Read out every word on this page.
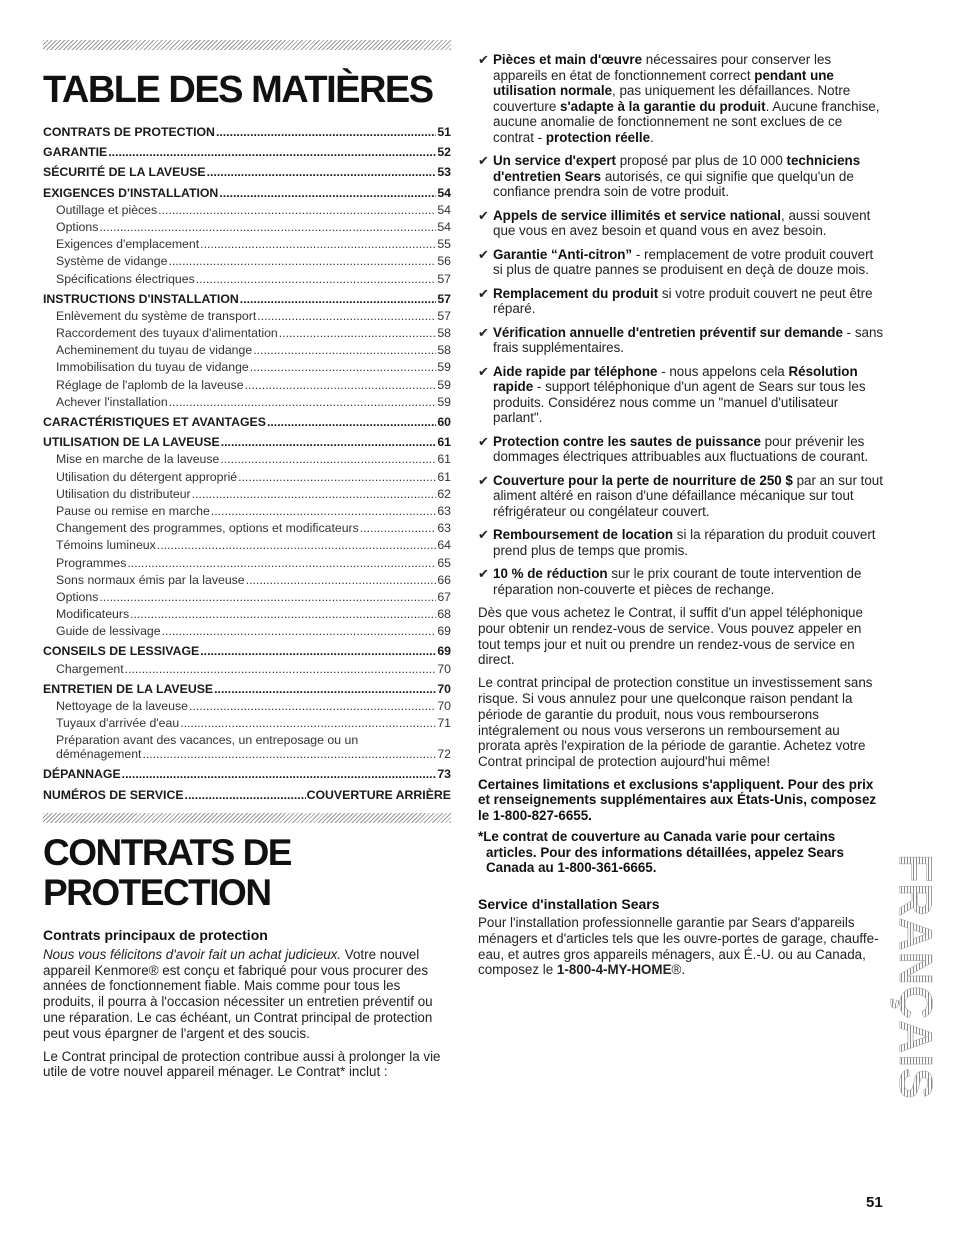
TABLE DES MATIÈRES
CONTRATS DE PROTECTION .....	51
GARANTIE .....	52
SÉCURITÉ DE LA LAVEUSE .....	53
EXIGENCES D'INSTALLATION .....	54
Outillage et pièces .....	54
Options .....	54
Exigences d'emplacement .....	55
Système de vidange .....	56
Spécifications électriques .....	57
INSTRUCTIONS D'INSTALLATION .....	57
Enlèvement du système de transport .....	57
Raccordement des tuyaux d'alimentation .....	58
Acheminement du tuyau de vidange .....	58
Immobilisation du tuyau de vidange .....	59
Réglage de l'aplomb de la laveuse .....	59
Achever l'installation .....	59
CARACTÉRISTIQUES ET AVANTAGES .....	60
UTILISATION DE LA LAVEUSE .....	61
Mise en marche de la laveuse .....	61
Utilisation du détergent approprié .....	61
Utilisation du distributeur .....	62
Pause ou remise en marche .....	63
Changement des programmes, options et modificateurs .....	63
Témoins lumineux .....	64
Programmes .....	65
Sons normaux émis par la laveuse .....	66
Options .....	67
Modificateurs .....	68
Guide de lessivage .....	69
CONSEILS DE LESSIVAGE .....	69
Chargement .....	70
ENTRETIEN DE LA LAVEUSE .....	70
Nettoyage de la laveuse .....	70
Tuyaux d'arrivée d'eau .....	71
Préparation avant des vacances, un entreposage ou un
déménagement .....	72
DÉPANNAGE .....	73
NUMÉROS DE SERVICE .....	COUVERTURE ARRIÈRE
CONTRATS DE PROTECTION
Contrats principaux de protection

Nous vous félicitons d'avoir fait un achat judicieux. Votre nouvel appareil Kenmore® est conçu et fabriqué pour vous procurer des années de fonctionnement fiable. Mais comme pour tous les produits, il pourra à l'occasion nécessiter un entretien préventif ou une réparation. Le cas échéant, un Contrat principal de protection peut vous épargner de l'argent et des soucis.

Le Contrat principal de protection contribue aussi à prolonger la vie utile de votre nouvel appareil ménager. Le Contrat* inclut :

✔ Pièces et main d'œuvre nécessaires pour conserver les appareils en état de fonctionnement correct pendant une utilisation normale, pas uniquement les défaillances. Notre couverture s'adapte à la garantie du produit. Aucune franchise, aucune anomalie de fonctionnement ne sont exclues de ce contrat - protection réelle.
✔ Un service d'expert proposé par plus de 10 000 techniciens d'entretien Sears autorisés, ce qui signifie que quelqu'un de confiance prendra soin de votre produit.
✔ Appels de service illimités et service national, aussi souvent que vous en avez besoin et quand vous en avez besoin.
✔ Garantie “Anti-citron” - remplacement de votre produit couvert si plus de quatre pannes se produisent en deçà de douze mois.
✔ Remplacement du produit si votre produit couvert ne peut être réparé.
✔ Vérification annuelle d'entretien préventif sur demande - sans frais supplémentaires.
✔ Aide rapide par téléphone - nous appelons cela Résolution rapide - support téléphonique d'un agent de Sears sur tous les produits. Considérez nous comme un "manuel d'utilisateur parlant".
✔ Protection contre les sautes de puissance pour prévenir les dommages électriques attribuables aux fluctuations de courant.
✔ Couverture pour la perte de nourriture de 250 $ par an sur tout aliment altéré en raison d'une défaillance mécanique sur tout réfrigérateur ou congélateur couvert.
✔ Remboursement de location si la réparation du produit couvert prend plus de temps que promis.
✔ 10 % de réduction sur le prix courant de toute intervention de réparation non-couverte et pièces de rechange.

Dès que vous achetez le Contrat, il suffit d'un appel téléphonique pour obtenir un rendez-vous de service. Vous pouvez appeler en tout temps jour et nuit ou prendre un rendez-vous de service en direct.

Le contrat principal de protection constitue un investissement sans risque. Si vous annulez pour une quelconque raison pendant la période de garantie du produit, nous vous rembourserons intégralement ou nous vous verserons un remboursement au prorata après l'expiration de la période de garantie. Achetez votre Contrat principal de protection aujourd'hui même!

Certaines limitations et exclusions s'appliquent. Pour des prix et renseignements supplémentaires aux États-Unis, composez le 1-800-827-6655.

*Le contrat de couverture au Canada varie pour certains articles. Pour des informations détaillées, appelez Sears Canada au 1-800-361-6665.

Service d'installation Sears

Pour l'installation professionnelle garantie par Sears d'appareils ménagers et d'articles tels que les ouvre-portes de garage, chauffe-eau, et autres gros appareils ménagers, aux É.-U. ou au Canada, composez le 1-800-4-MY-HOME®.	FRANÇAIS
51
